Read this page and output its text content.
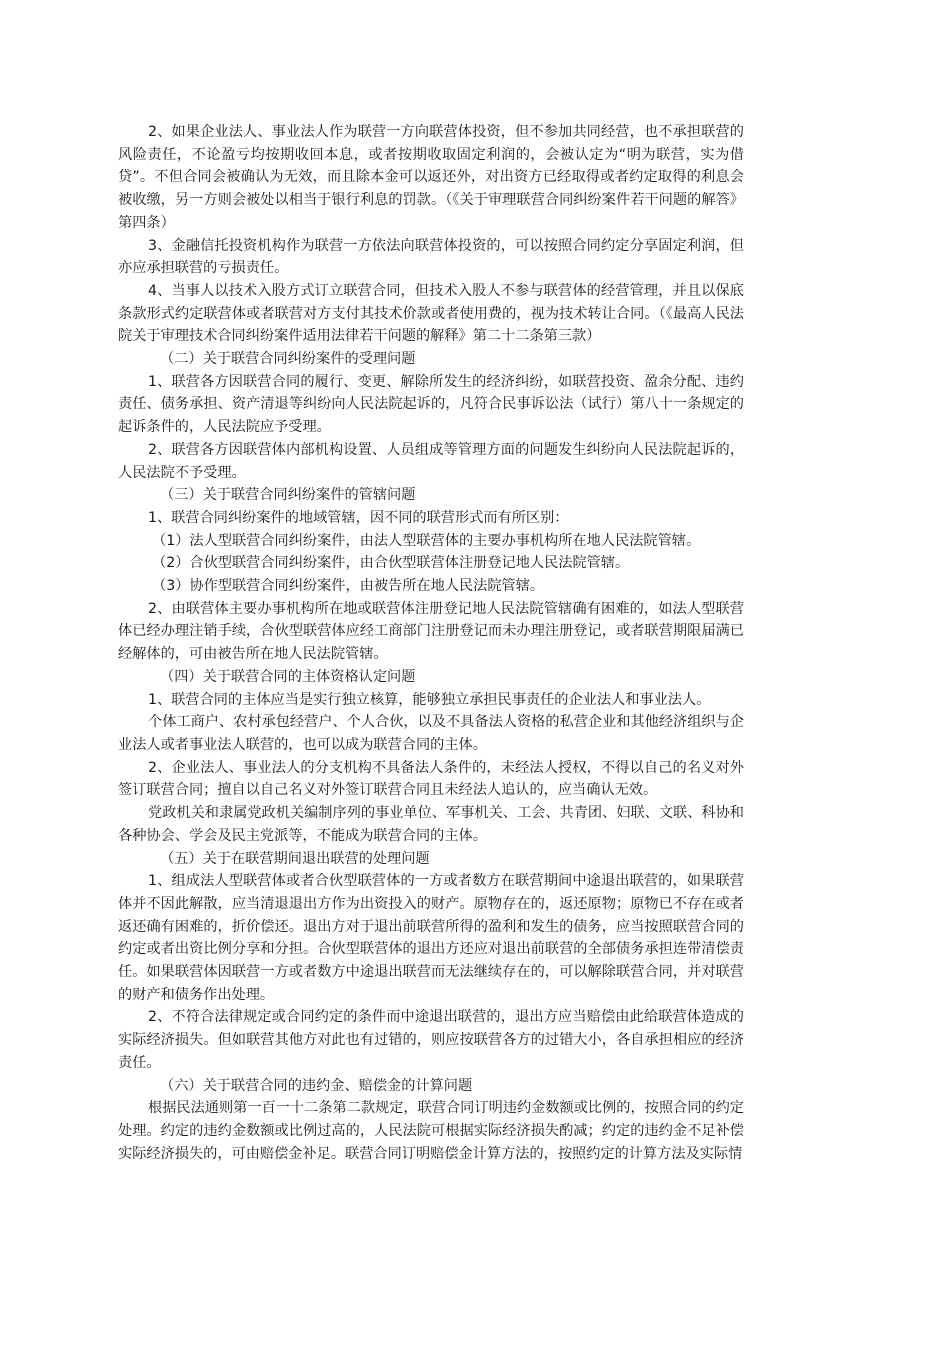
2、如果企业法人、事业法人作为联营一方向联营体投资，但不参加共同经营，也不承担联营的风险责任，不论盈亏均按期收回本息，或者按期收取固定利润的，会被认定为“明为联营，实为借贷”。不但合同会被确认为无效，而且除本金可以返还外，对出资方已经取得或者约定取得的利息会被收缴，另一方则会被处以相当于银行利息的罚款。（《关于审理联营合同纠纷案件若干问题的解答》第四条）

3、金融信托投资机构作为联营一方依法向联营体投资的，可以按照合同约定分享固定利润，但亦应承担联营的亏损责任。

4、当事人以技术入股方式订立联营合同，但技术入股人不参与联营体的经营管理，并且以保底条款形式约定联营体或者联营对方支付其技术价款或者使用费的，视为技术转让合同。（《最高人民法院关于审理技术合同纠纷案件适用法律若干问题的解释》第二十二条第三款）

（二）关于联营合同纠纷案件的受理问题

1、联营各方因联营合同的履行、变更、解除所发生的经济纠纷，如联营投资、盈余分配、违约责任、债务承担、资产清退等纠纷向人民法院起诉的，凡符合民事诉讼法（试行）第八十一条规定的起诉条件的，人民法院应予受理。

2、联营各方因联营体内部机构设置、人员组成等管理方面的问题发生纠纷向人民法院起诉的，人民法院不予受理。

（三）关于联营合同纠纷案件的管辖问题

1、联营合同纠纷案件的地域管辖，因不同的联营形式而有所区别：

（1）法人型联营合同纠纷案件，由法人型联营体的主要办事机构所在地人民法院管辖。

（2）合伙型联营合同纠纷案件，由合伙型联营体注册登记地人民法院管辖。

（3）协作型联营合同纠纷案件，由被告所在地人民法院管辖。

2、由联营体主要办事机构所在地或联营体注册登记地人民法院管辖确有困难的，如法人型联营体已经办理注销手续，合伙型联营体应经工商部门注册登记而未办理注册登记，或者联营期限届满已经解体的，可由被告所在地人民法院管辖。

（四）关于联营合同的主体资格认定问题

1、联营合同的主体应当是实行独立核算，能够独立承担民事责任的企业法人和事业法人。

个体工商户、农村承包经营户、个人合伙，以及不具备法人资格的私营企业和其他经济组织与企业法人或者事业法人联营的，也可以成为联营合同的主体。

2、企业法人、事业法人的分支机构不具备法人条件的，未经法人授权，不得以自己的名义对外签订联营合同；擅自以自己名义对外签订联营合同且未经法人追认的，应当确认无效。

党政机关和隶属党政机关编制序列的事业单位、军事机关、工会、共青团、妇联、文联、科协和各种协会、学会及民主党派等，不能成为联营合同的主体。

（五）关于在联营期间退出联营的处理问题

1、组成法人型联营体或者合伙型联营体的一方或者数方在联营期间中途退出联营的，如果联营体并不因此解散，应当清退退出方作为出资投入的财产。原物存在的，返还原物；原物已不存在或者返还确有困难的，折价偿还。退出方对于退出前联营所得的盈利和发生的债务，应当按照联营合同的约定或者出资比例分享和分担。合伙型联营体的退出方还应对退出前联营的全部债务承担连带清偿责任。如果联营体因联营一方或者数方中途退出联营而无法继续存在的，可以解除联营合同，并对联营的财产和债务作出处理。

2、不符合法律规定或合同约定的条件而中途退出联营的，退出方应当赔偿由此给联营体造成的实际经济损失。但如联营其他方对此也有过错的，则应按联营各方的过错大小，各自承担相应的经济责任。

（六）关于联营合同的违约金、赔偿金的计算问题

根据民法通则第一百一十二条第二款规定，联营合同订明违约金数额或比例的，按照合同的约定处理。约定的违约金数额或比例过高的，人民法院可根据实际经济损失酌减；约定的违约金不足补偿实际经济损失的，可由赔偿金补足。联营合同订明赔偿金计算方法的，按照约定的计算方法及实际情
